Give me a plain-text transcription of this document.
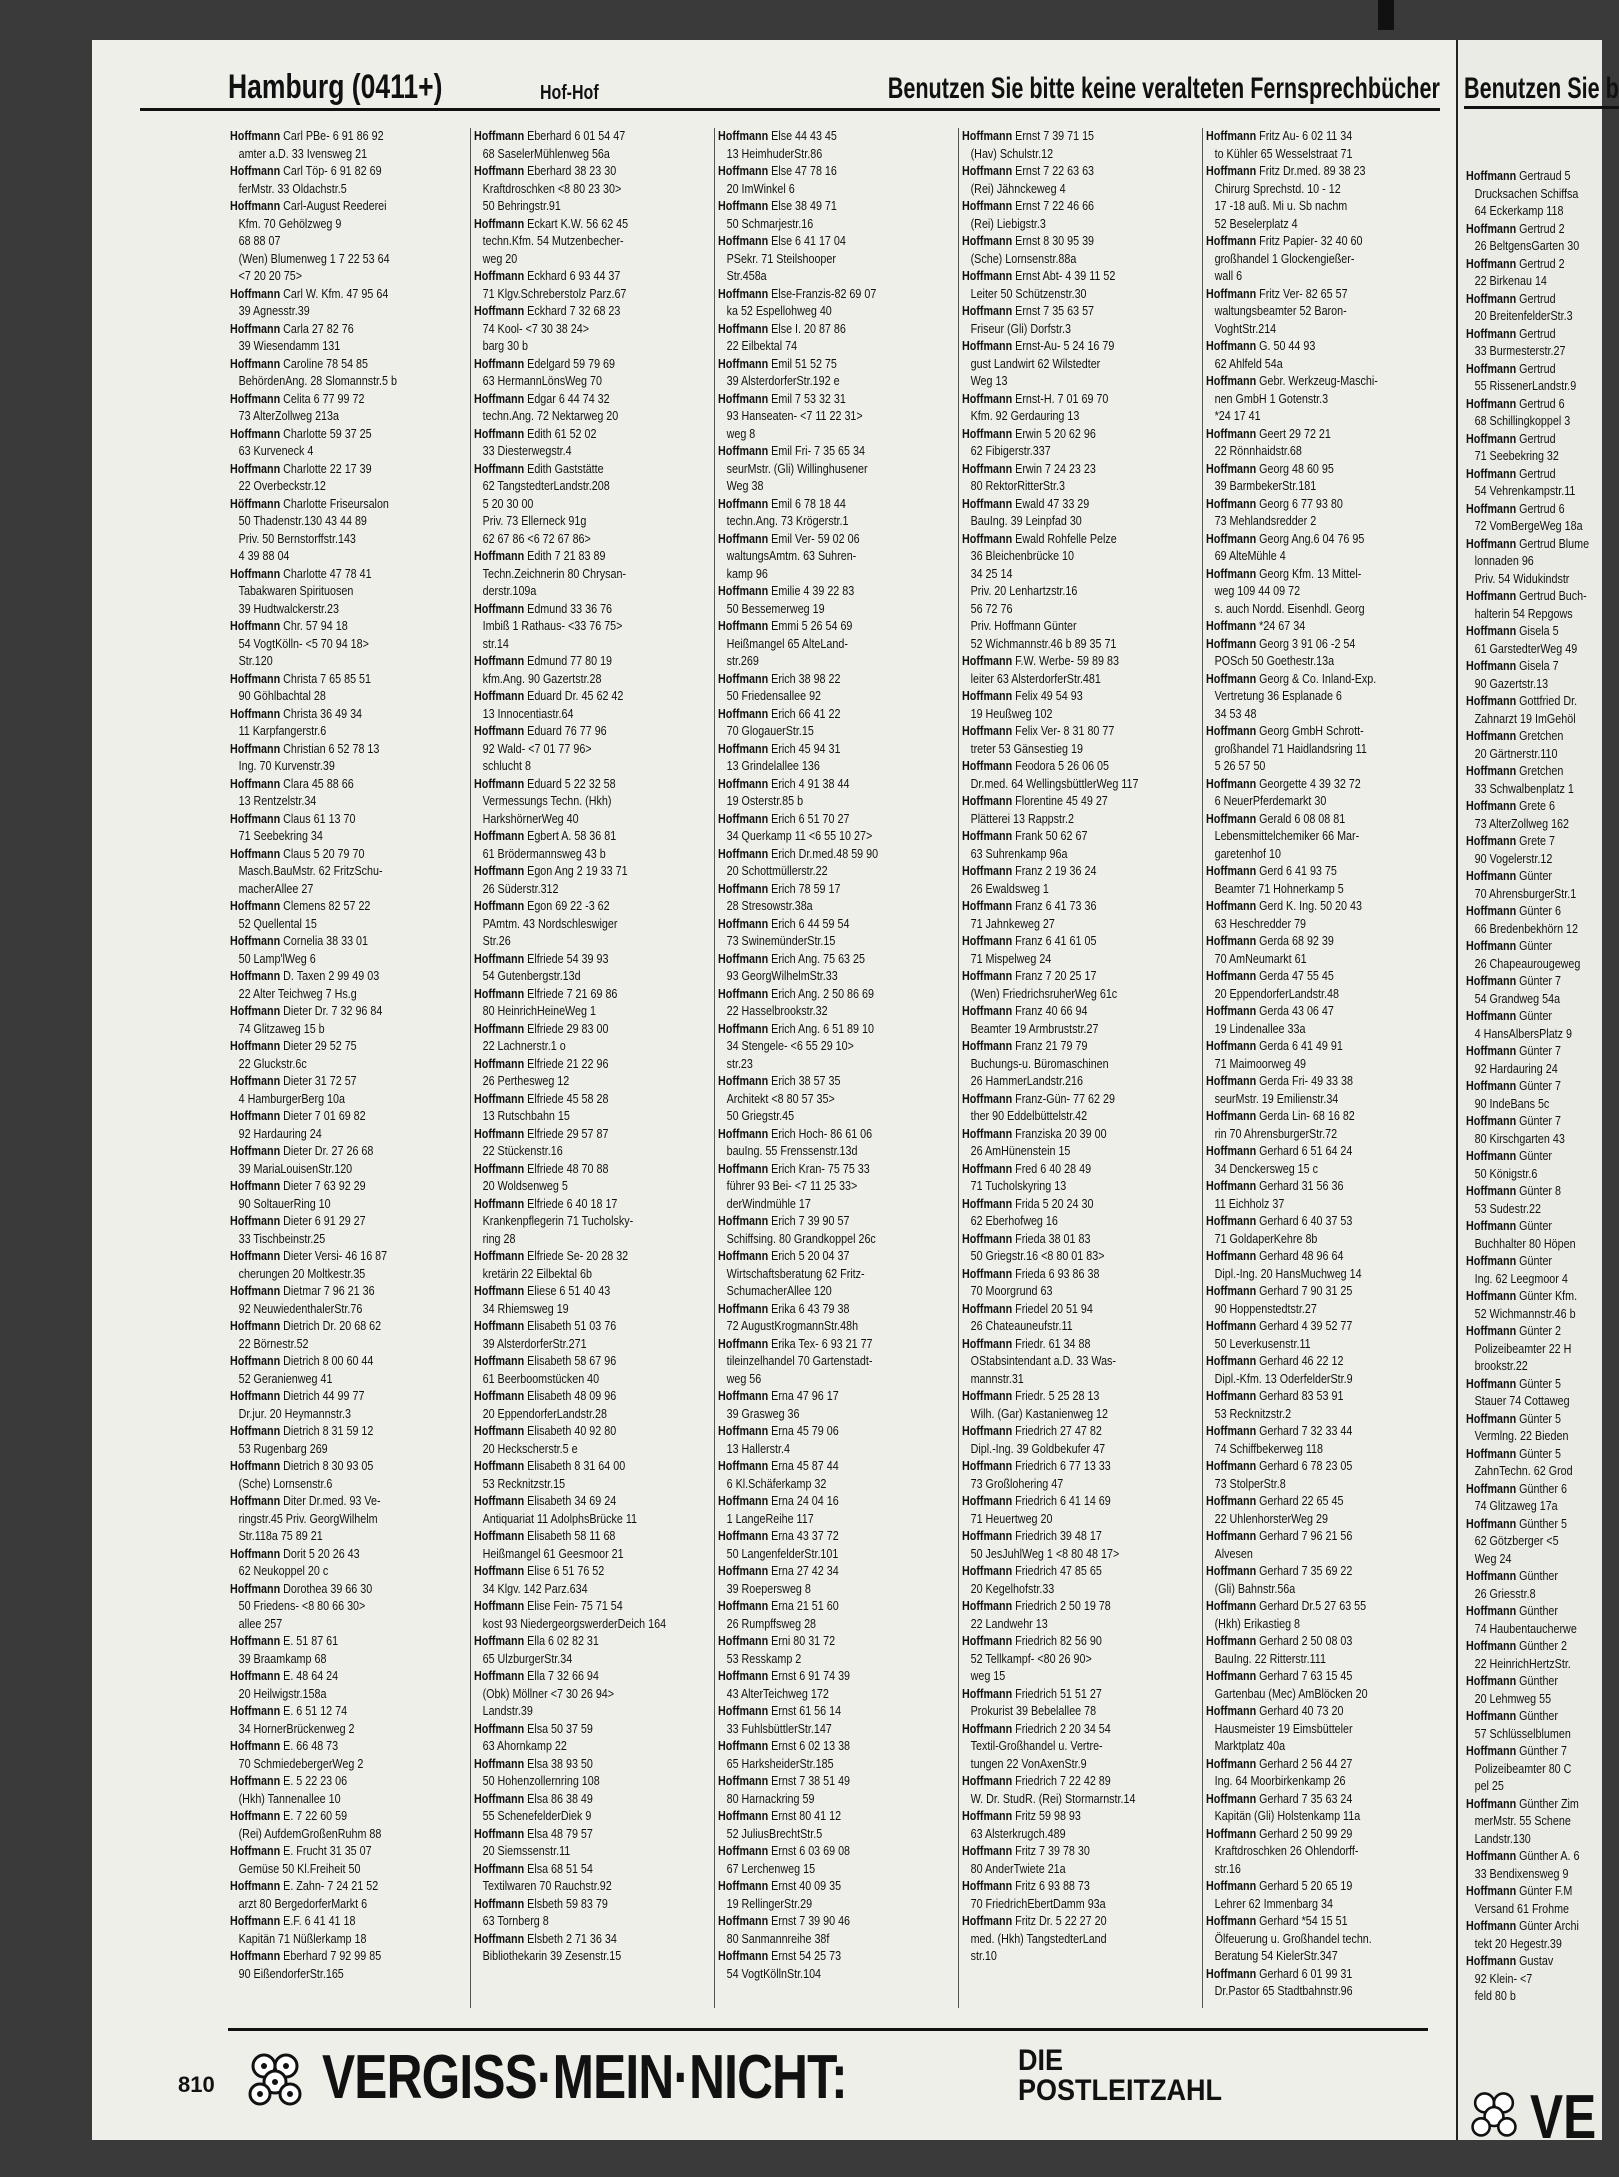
Hamburg (0411+)	Hof-Hof	Benutzen Sie bitte keine veralteten Fernsprechbücher
Hoffmann Carl PBe- 6 91 86 92
amter a.D. 33 Ivensweg 21
Hoffmann Carl Töp- 6 91 82 69
ferMstr. 33 Oldachstr.5
Hoffmann Carl-August Reederei
Kfm. 70 Gehölzweg 9
68 88 07
(Wen) Blumenweg 1 7 22 53 64
<7 20 20 75>
Hoffmann Carl W. Kfm. 47 95 64
39 Agnesstr.39
Hoffmann Carla 27 82 76
39 Wiesendamm 131
Hoffmann Caroline 78 54 85
BehördenAng. 28 Slomannstr.5 b
Hoffmann Celita 6 77 99 72
73 AlterZollweg 213a
Hoffmann Charlotte 59 37 25
63 Kurveneck 4
Hoffmann Charlotte 22 17 39
22 Overbeckstr.12
Höffmann Charlotte Friseursalon
50 Thadenstr.130 43 44 89
Priv. 50 Bernstorffstr.143
4 39 88 04
Hoffmann Charlotte 47 78 41
Tabakwaren Spirituosen
39 Hudtwalckerstr.23
Hoffmann Chr. 57 94 18
54 VogtKölln- <5 70 94 18>
Str.120
Hoffmann Christa 7 65 85 51
90 Göhlbachtal 28
Hoffmann Christa 36 49 34
11 Karpfangerstr.6
Hoffmann Christian 6 52 78 13
Ing. 70 Kurvenstr.39
Hoffmann Clara 45 88 66
13 Rentzelstr.34
Hoffmann Claus 61 13 70
71 Seebekring 34
Hoffmann Claus 5 20 79 70
Masch.BauMstr. 62 FritzSchu-
macherAllee 27
Hoffmann Clemens 82 57 22
52 Quellental 15
Hoffmann Cornelia 38 33 01
50 Lamp'lWeg 6
Hoffmann D. Taxen 2 99 49 03
22 Alter Teichweg 7 Hs.g
Hoffmann Dieter Dr. 7 32 96 84
74 Glitzaweg 15 b
Hoffmann Dieter 29 52 75
22 Gluckstr.6c
Hoffmann Dieter 31 72 57
4 HamburgerBerg 10a
Hoffmann Dieter 7 01 69 82
92 Hardauring 24
Hoffmann Dieter Dr. 27 26 68
39 MariaLouisenStr.120
Hoffmann Dieter 7 63 92 29
90 SoltauerRing 10
Hoffmann Dieter 6 91 29 27
33 Tischbeinstr.25
Hoffmann Dieter Versi- 46 16 87
cherungen 20 Moltkestr.35
Hoffmann Dietmar 7 96 21 36
92 NeuwiedenthalerStr.76
Hoffmann Dietrich Dr. 20 68 62
22 Börnestr.52
Hoffmann Dietrich 8 00 60 44
52 Geranienweg 41
Hoffmann Dietrich 44 99 77
Dr.jur. 20 Heymannstr.3
Hoffmann Dietrich 8 31 59 12
53 Rugenbarg 269
Hoffmann Dietrich 8 30 93 05
(Sche) Lornsenstr.6
Hoffmann Diter Dr.med. 93 Ve-
ringstr.45 Priv. GeorgWilhelm
Str.118a 75 89 21
Hoffmann Dorit 5 20 26 43
62 Neukoppel 20 c
Hoffmann Dorothea 39 66 30
50 Friedens- <8 80 66 30>
allee 257
Hoffmann E. 51 87 61
39 Braamkamp 68
Hoffmann E. 48 64 24
20 Heilwigstr.158a
Hoffmann E. 6 51 12 74
34 HornerBrückenweg 2
Hoffmann E. 66 48 73
70 SchmiedebergerWeg 2
Hoffmann E. 5 22 23 06
(Hkh) Tannenallee 10
Hoffmann E. 7 22 60 59
(Rei) AufdemGroßenRuhm 88
Hoffmann E. Frucht 31 35 07
Gemüse 50 Kl.Freiheit 50
Hoffmann E. Zahn- 7 24 21 52
arzt 80 BergedorferMarkt 6
Hoffmann E.F. 6 41 41 18
Kapitän 71 Nüßlerkamp 18
Hoffmann Eberhard 7 92 99 85
90 EißendorferStr.165
Hoffmann Eberhard 6 01 54 47
68 SaselerMühlenweg 56a
Hoffmann Eberhard 38 23 30
Kraftdroschken <8 80 23 30>
50 Behringstr.91
Hoffmann Eckart K.W. 56 62 45
techn.Kfm. 54 Mutzenbecher-
weg 20
Hoffmann Eckhard 6 93 44 37
71 Klgv.Schreberstolz Parz.67
Hoffmann Eckhard 7 32 68 23
74 Kool- <7 30 38 24>
barg 30 b
Hoffmann Edelgard 59 79 69
63 HermannLönsWeg 70
Hoffmann Edgar 6 44 74 32
techn.Ang. 72 Nektarweg 20
Hoffmann Edith 61 52 02
33 Diesterwegstr.4
Hoffmann Edith Gaststätte
62 TangstedterLandstr.208
5 20 30 00
Priv. 73 Ellerneck 91g
62 67 86 <6 72 67 86>
Hoffmann Edith 7 21 83 89
Techn.Zeichnerin 80 Chrysan-
derstr.109a
Hoffmann Edmund 33 36 76
Imbiß 1 Rathaus- <33 76 75>
str.14
Hoffmann Edmund 77 80 19
kfm.Ang. 90 Gazertstr.28
Hoffmann Eduard Dr. 45 62 42
13 Innocentiastr.64
Hoffmann Eduard 76 77 96
92 Wald- <7 01 77 96>
schlucht 8
Hoffmann Eduard 5 22 32 58
Vermessungs Techn. (Hkh)
HarkshörnerWeg 40
Hoffmann Egbert A. 58 36 81
61 Brödermannsweg 43 b
Hoffmann Egon Ang 2 19 33 71
26 Süderstr.312
Hoffmann Egon 69 22 -3 62
PAmtm. 43 Nordschleswiger
Str.26
Hoffmann Elfriede 54 39 93
54 Gutenbergstr.13d
Hoffmann Elfriede 7 21 69 86
80 HeinrichHeineWeg 1
Hoffmann Elfriede 29 83 00
22 Lachnerstr.1 o
Hoffmann Elfriede 21 22 96
26 Perthesweg 12
Hoffmann Elfriede 45 58 28
13 Rutschbahn 15
Hoffmann Elfriede 29 57 87
22 Stückenstr.16
Hoffmann Elfriede 48 70 88
20 Woldsenweg 5
Hoffmann Elfriede 6 40 18 17
Krankenpflegerin 71 Tucholsky-
ring 28
Hoffmann Elfriede Se- 20 28 32
kretärin 22 Eilbektal 6b
Hoffmann Eliese 6 51 40 43
34 Rhiemsweg 19
Hoffmann Elisabeth 51 03 76
39 AlsterdorferStr.271
Hoffmann Elisabeth 58 67 96
61 Beerboomstücken 40
Hoffmann Elisabeth 48 09 96
20 EppendorferLandstr.28
Hoffmann Elisabeth 40 92 80
20 Heckscherstr.5 e
Hoffmann Elisabeth 8 31 64 00
53 Recknitzstr.15
Hoffmann Elisabeth 34 69 24
Antiquariat 11 AdolphsBrücke 11
Hoffmann Elisabeth 58 11 68
Heißmangel 61 Geesmoor 21
Hoffmann Elise 6 51 76 52
34 Klgv. 142 Parz.634
Hoffmann Elise Fein- 75 71 54
kost 93 NiedergeorgswerderDeich 164
Hoffmann Ella 6 02 82 31
65 UlzburgerStr.34
Hoffmann Ella 7 32 66 94
(Obk) Möllner <7 30 26 94>
Landstr.39
Hoffmann Elsa 50 37 59
63 Ahornkamp 22
Hoffmann Elsa 38 93 50
50 Hohenzollernring 108
Hoffmann Elsa 86 38 49
55 SchenefelderDiek 9
Hoffmann Elsa 48 79 57
20 Siemssenstr.11
Hoffmann Elsa 68 51 54
Textilwaren 70 Rauchstr.92
Hoffmann Elsbeth 59 83 79
63 Tornberg 8
Hoffmann Elsbeth 2 71 36 34
Bibliothekarin 39 Zesenstr.15
Hoffmann Else 44 43 45
13 HeimhuderStr.86
Hoffmann Else 47 78 16
20 ImWinkel 6
Hoffmann Else 38 49 71
50 Schmarjestr.16
Hoffmann Else 6 41 17 04
PSekr. 71 Steilshooper
Str.458a
Hoffmann Else-Franzis-82 69 07
ka 52 Espellohweg 40
Hoffmann Else I. 20 87 86
22 Eilbektal 74
Hoffmann Emil 51 52 75
39 AlsterdorferStr.192 e
Hoffmann Emil 7 53 32 31
93 Hanseaten- <7 11 22 31>
weg 8
Hoffmann Emil Fri- 7 35 65 34
seurMstr. (Gli) Willinghusener
Weg 38
Hoffmann Emil 6 78 18 44
techn.Ang. 73 Krögerstr.1
Hoffmann Emil Ver- 59 02 06
waltungsAmtm. 63 Suhren-
kamp 96
Hoffmann Emilie 4 39 22 83
50 Bessemerweg 19
Hoffmann Emmi 5 26 54 69
Heißmangel 65 AlteLand-
str.269
Hoffmann Erich 38 98 22
50 Friedensallee 92
Hoffmann Erich 66 41 22
70 GlogauerStr.15
Hoffmann Erich 45 94 31
13 Grindelallee 136
Hoffmann Erich 4 91 38 44
19 Osterstr.85 b
Hoffmann Erich 6 51 70 27
34 Querkamp 11 <6 55 10 27>
Hoffmann Erich Dr.med.48 59 90
20 Schottmüllerstr.22
Hoffmann Erich 78 59 17
28 Stresowstr.38a
Hoffmann Erich 6 44 59 54
73 SwinemünderStr.15
Hoffmann Erich Ang. 75 63 25
93 GeorgWilhelmStr.33
Hoffmann Erich Ang. 2 50 86 69
22 Hasselbrookstr.32
Hoffmann Erich Ang. 6 51 89 10
34 Stengele- <6 55 29 10>
str.23
Hoffmann Erich 38 57 35
Architekt <8 80 57 35>
50 Griegstr.45
Hoffmann Erich Hoch- 86 61 06
bauIng. 55 Frenssenstr.13d
Hoffmann Erich Kran- 75 75 33
führer 93 Bei- <7 11 25 33>
derWindmühle 17
Hoffmann Erich 7 39 90 57
Schiffsing. 80 Grandkoppel 26c
Hoffmann Erich 5 20 04 37
Wirtschaftsberatung 62 Fritz-
SchumacherAllee 120
Hoffmann Erika 6 43 79 38
72 AugustKrogmannStr.48h
Hoffmann Erika Tex- 6 93 21 77
tileinzelhandel 70 Gartenstadt-
weg 56
Hoffmann Erna 47 96 17
39 Grasweg 36
Hoffmann Erna 45 79 06
13 Hallerstr.4
Hoffmann Erna 45 87 44
6 Kl.Schäferkamp 32
Hoffmann Erna 24 04 16
1 LangeReihe 117
Hoffmann Erna 43 37 72
50 LangenfelderStr.101
Hoffmann Erna 27 42 34
39 Roepersweg 8
Hoffmann Erna 21 51 60
26 Rumpffsweg 28
Hoffmann Erni 80 31 72
53 Resskamp 2
Hoffmann Ernst 6 91 74 39
43 AlterTeichweg 172
Hoffmann Ernst 61 56 14
33 FuhlsbüttlerStr.147
Hoffmann Ernst 6 02 13 38
65 HarksheiderStr.185
Hoffmann Ernst 7 38 51 49
80 Harnackring 59
Hoffmann Ernst 80 41 12
52 JuliusBrechtStr.5
Hoffmann Ernst 6 03 69 08
67 Lerchenweg 15
Hoffmann Ernst 40 09 35
19 RellingerStr.29
Hoffmann Ernst 7 39 90 46
80 Sanmannreihe 38f
Hoffmann Ernst 54 25 73
54 VogtKöllnStr.104
Hoffmann Ernst 7 39 71 15
(Hav) Schulstr.12
Hoffmann Ernst 7 22 63 63
(Rei) Jähnckeweg 4
Hoffmann Ernst 7 22 46 66
(Rei) Liebigstr.3
Hoffmann Ernst 8 30 95 39
(Sche) Lornsenstr.88a
Hoffmann Ernst Abt- 4 39 11 52
Leiter 50 Schützenstr.30
Hoffmann Ernst 7 35 63 57
Friseur (Gli) Dorfstr.3
Hoffmann Ernst-Au- 5 24 16 79
gust Landwirt 62 Wilstedter
Weg 13
Hoffmann Ernst-H. 7 01 69 70
Kfm. 92 Gerdauring 13
Hoffmann Erwin 5 20 62 96
62 Fibigerstr.337
Hoffmann Erwin 7 24 23 23
80 RektorRitterStr.3
Hoffmann Ewald 47 33 29
BauIng. 39 Leinpfad 30
Hoffmann Ewald Rohfelle Pelze
36 Bleichenbrücke 10
34 25 14
Priv. 20 Lenhartzstr.16
56 72 76
Priv. Hoffmann Günter
52 Wichmannstr.46 b 89 35 71
Hoffmann F.W. Werbe- 59 89 83
leiter 63 AlsterdorferStr.481
Hoffmann Felix 49 54 93
19 Heußweg 102
Hoffmann Felix Ver- 8 31 80 77
treter 53 Gänsestieg 19
Hoffmann Feodora 5 26 06 05
Dr.med. 64 WellingsbüttlerWeg 117
Hoffmann Florentine 45 49 27
Plätterei 13 Rappstr.2
Hoffmann Frank 50 62 67
63 Suhrenkamp 96a
Hoffmann Franz 2 19 36 24
26 Ewaldsweg 1
Hoffmann Franz 6 41 73 36
71 Jahnkeweg 27
Hoffmann Franz 6 41 61 05
71 Mispelweg 24
Hoffmann Franz 7 20 25 17
(Wen) FriedrichsruherWeg 61c
Hoffmann Franz 40 66 94
Beamter 19 Armbruststr.27
Hoffmann Franz 21 79 79
Buchungs-u. Büromaschinen
26 HammerLandstr.216
Hoffmann Franz-Gün- 77 62 29
ther 90 Eddelbüttelstr.42
Hoffmann Franziska 20 39 00
26 AmHünenstein 15
Hoffmann Fred 6 40 28 49
71 Tucholskyring 13
Hoffmann Frida 5 20 24 30
62 Eberhofweg 16
Hoffmann Frieda 38 01 83
50 Griegstr.16 <8 80 01 83>
Hoffmann Frieda 6 93 86 38
70 Moorgrund 63
Hoffmann Friedel 20 51 94
26 Chateauneufstr.11
Hoffmann Friedr. 61 34 88
OStabsintendant a.D. 33 Was-
mannstr.31
Hoffmann Friedr. 5 25 28 13
Wilh. (Gar) Kastanienweg 12
Hoffmann Friedrich 27 47 82
Dipl.-Ing. 39 Goldbekufer 47
Hoffmann Friedrich 6 77 13 33
73 Großlohering 47
Hoffmann Friedrich 6 41 14 69
71 Heuertweg 20
Hoffmann Friedrich 39 48 17
50 JesJuhlWeg 1 <8 80 48 17>
Hoffmann Friedrich 47 85 65
20 Kegelhofstr.33
Hoffmann Friedrich 2 50 19 78
22 Landwehr 13
Hoffmann Friedrich 82 56 90
52 Tellkampf- <80 26 90>
weg 15
Hoffmann Friedrich 51 51 27
Prokurist 39 Bebelallee 78
Hoffmann Friedrich 2 20 34 54
Textil-Großhandel u. Vertre-
tungen 22 VonAxenStr.9
Hoffmann Friedrich 7 22 42 89
W. Dr. StudR. (Rei) Stormarnstr.14
Hoffmann Fritz 59 98 93
63 Alsterkrugch.489
Hoffmann Fritz 7 39 78 30
80 AnderTwiete 21a
Hoffmann Fritz 6 93 88 73
70 FriedrichEbertDamm 93a
Hoffmann Fritz Dr. 5 22 27 20
med. (Hkh) TangstedterLand
str.10
Hoffmann Fritz Au- 6 02 11 34
to Kühler 65 Wesselstraat 71
Hoffmann Fritz Dr.med. 89 38 23
Chirurg Sprechstd. 10 - 12
17 -18 auß. Mi u. Sb nachm
52 Beselerplatz 4
Hoffmann Fritz Papier- 32 40 60
großhandel 1 Glockengießer-
wall 6
Hoffmann Fritz Ver- 82 65 57
waltungsbeamter 52 Baron-
VoghtStr.214
Hoffmann G. 50 44 93
62 Ahlfeld 54a
Hoffmann Gebr. Werkzeug-Maschi-
nen GmbH 1 Gotenstr.3
*24 17 41
Hoffmann Geert 29 72 21
22 Rönnhaidstr.68
Hoffmann Georg 48 60 95
39 BarmbekerStr.181
Hoffmann Georg 6 77 93 80
73 Mehlandsredder 2
Hoffmann Georg Ang.6 04 76 95
69 AlteMühle 4
Hoffmann Georg Kfm. 13 Mittel-
weg 109 44 09 72
s. auch Nordd. Eisenhdl. Georg
Hoffmann *24 67 34
Hoffmann Georg 3 91 06 -2 54
POSch 50 Goethestr.13a
Hoffmann Georg & Co. Inland-Exp.
Vertretung 36 Esplanade 6
34 53 48
Hoffmann Georg GmbH Schrott-
großhandel 71 Haidlandsring 11
5 26 57 50
Hoffmann Georgette 4 39 32 72
6 NeuerPferdemarkt 30
Hoffmann Gerald 6 08 08 81
Lebensmittelchemiker 66 Mar-
garetenhof 10
Hoffmann Gerd 6 41 93 75
Beamter 71 Hohnerkamp 5
Hoffmann Gerd K. Ing. 50 20 43
63 Heschredder 79
Hoffmann Gerda 68 92 39
70 AmNeumarkt 61
Hoffmann Gerda 47 55 45
20 EppendorferLandstr.48
Hoffmann Gerda 43 06 47
19 Lindenallee 33a
Hoffmann Gerda 6 41 49 91
71 Maimoorweg 49
Hoffmann Gerda Fri- 49 33 38
seurMstr. 19 Emilienstr.34
Hoffmann Gerda Lin- 68 16 82
rin 70 AhrensburgerStr.72
Hoffmann Gerhard 6 51 64 24
34 Denckersweg 15 c
Hoffmann Gerhard 31 56 36
11 Eichholz 37
Hoffmann Gerhard 6 40 37 53
71 GoldaperKehre 8b
Hoffmann Gerhard 48 96 64
Dipl.-Ing. 20 HansMuchweg 14
Hoffmann Gerhard 7 90 31 25
90 Hoppenstedtstr.27
Hoffmann Gerhard 4 39 52 77
50 Leverkusenstr.11
Hoffmann Gerhard 46 22 12
Dipl.-Kfm. 13 OderfelderStr.9
Hoffmann Gerhard 83 53 91
53 Recknitzstr.2
Hoffmann Gerhard 7 32 33 44
74 Schiffbekerweg 118
Hoffmann Gerhard 6 78 23 05
73 StolperStr.8
Hoffmann Gerhard 22 65 45
22 UhlenhorsterWeg 29
Hoffmann Gerhard 7 96 21 56
Alvesen
Hoffmann Gerhard 7 35 69 22
(Gli) Bahnstr.56a
Hoffmann Gerhard Dr.5 27 63 55
(Hkh) Erikastieg 8
Hoffmann Gerhard 2 50 08 03
BauIng. 22 Ritterstr.111
Hoffmann Gerhard 7 63 15 45
Gartenbau (Mec) AmBlöcken 20
Hoffmann Gerhard 40 73 20
Hausmeister 19 Eimsbütteler
Marktplatz 40a
Hoffmann Gerhard 2 56 44 27
Ing. 64 Moorbirkenkamp 26
Hoffmann Gerhard 7 35 63 24
Kapitän (Gli) Holstenkamp 11a
Hoffmann Gerhard 2 50 99 29
Kraftdroschken 26 Ohlendorff-
str.16
Hoffmann Gerhard 5 20 65 19
Lehrer 62 Immenbarg 34
Hoffmann Gerhard *54 15 51
Ölfeuerung u. Großhandel techn.
Beratung 54 KielerStr.347
Hoffmann Gerhard 6 01 99 31
Dr.Pastor 65 Stadtbahnstr.96
VERGISS·MEIN·NICHT:	DIE
POSTLEITZAHL
810
Benutzen Sie b
Hoffmann Gertraud 5
Drucksachen Schiffsa
64 Eckerkamp 118
Hoffmann Gertrud 2
26 BeltgensGarten 30
Hoffmann Gertrud 2
22 Birkenau 14
Hoffmann Gertrud
20 BreitenfelderStr.3
Hoffmann Gertrud
33 Burmesterstr.27
Hoffmann Gertrud
55 RissenerLandstr.9
Hoffmann Gertrud 6
68 Schillingkoppel 3
Hoffmann Gertrud
71 Seebekring 32
Hoffmann Gertrud
54 Vehrenkampstr.11
Hoffmann Gertrud 6
72 VomBergeWeg 18a
Hoffmann Gertrud Blume
lonnaden 96
Priv. 54 Widukindstr
Hoffmann Gertrud Buch-
halterin 54 Repgows
Hoffmann Gisela 5
61 GarstedterWeg 49
Hoffmann Gisela 7
90 Gazertstr.13
Hoffmann Gottfried Dr.
Zahnarzt 19 ImGehöl
Hoffmann Gretchen
20 Gärtnerstr.110
Hoffmann Gretchen
33 Schwalbenplatz 1
Hoffmann Grete 6
73 AlterZollweg 162
Hoffmann Grete 7
90 Vogelerstr.12
Hoffmann Günter
70 AhrensburgerStr.1
Hoffmann Günter 6
66 Bredenbekhörn 12
Hoffmann Günter
26 Chapeaurougeweg
Hoffmann Günter 7
54 Grandweg 54a
Hoffmann Günter
4 HansAlbersPlatz 9
Hoffmann Günter 7
92 Hardauring 24
Hoffmann Günter 7
90 IndeBans 5c
Hoffmann Günter 7
80 Kirschgarten 43
Hoffmann Günter
50 Königstr.6
Hoffmann Günter 8
53 Sudestr.22
Hoffmann Günter
Buchhalter 80 Höpen
Hoffmann Günter
Ing. 62 Leegmoor 4
Hoffmann Günter Kfm.
52 Wichmannstr.46 b
Hoffmann Günter 2
Polizeibeamter 22 H
brookstr.22
Hoffmann Günter 5
Stauer 74 Cottaweg
Hoffmann Günter 5
Vermlng. 22 Bieden
Hoffmann Günter 5
ZahnTechn. 62 Grod
Hoffmann Günther 6
74 Glitzaweg 17a
Hoffmann Günther 5
62 Götzberger <5
Weg 24
Hoffmann Günther
26 Griesstr.8
Hoffmann Günther
74 Haubentaucherwe
Hoffmann Günther 2
22 HeinrichHertzStr.
Hoffmann Günther
20 Lehmweg 55
Hoffmann Günther
57 Schlüsselblumen
Hoffmann Günther 7
Polizeibeamter 80 C
pel 25
Hoffmann Günther Zim
merMstr. 55 Schene
Landstr.130
Hoffmann Günther A. 6
33 Bendixensweg 9
Hoffmann Günter F.M
Versand 61 Frohme
Hoffmann Günter Archi
tekt 20 Hegestr.39
Hoffmann Gustav
92 Klein- <7
feld 80 b
VE
